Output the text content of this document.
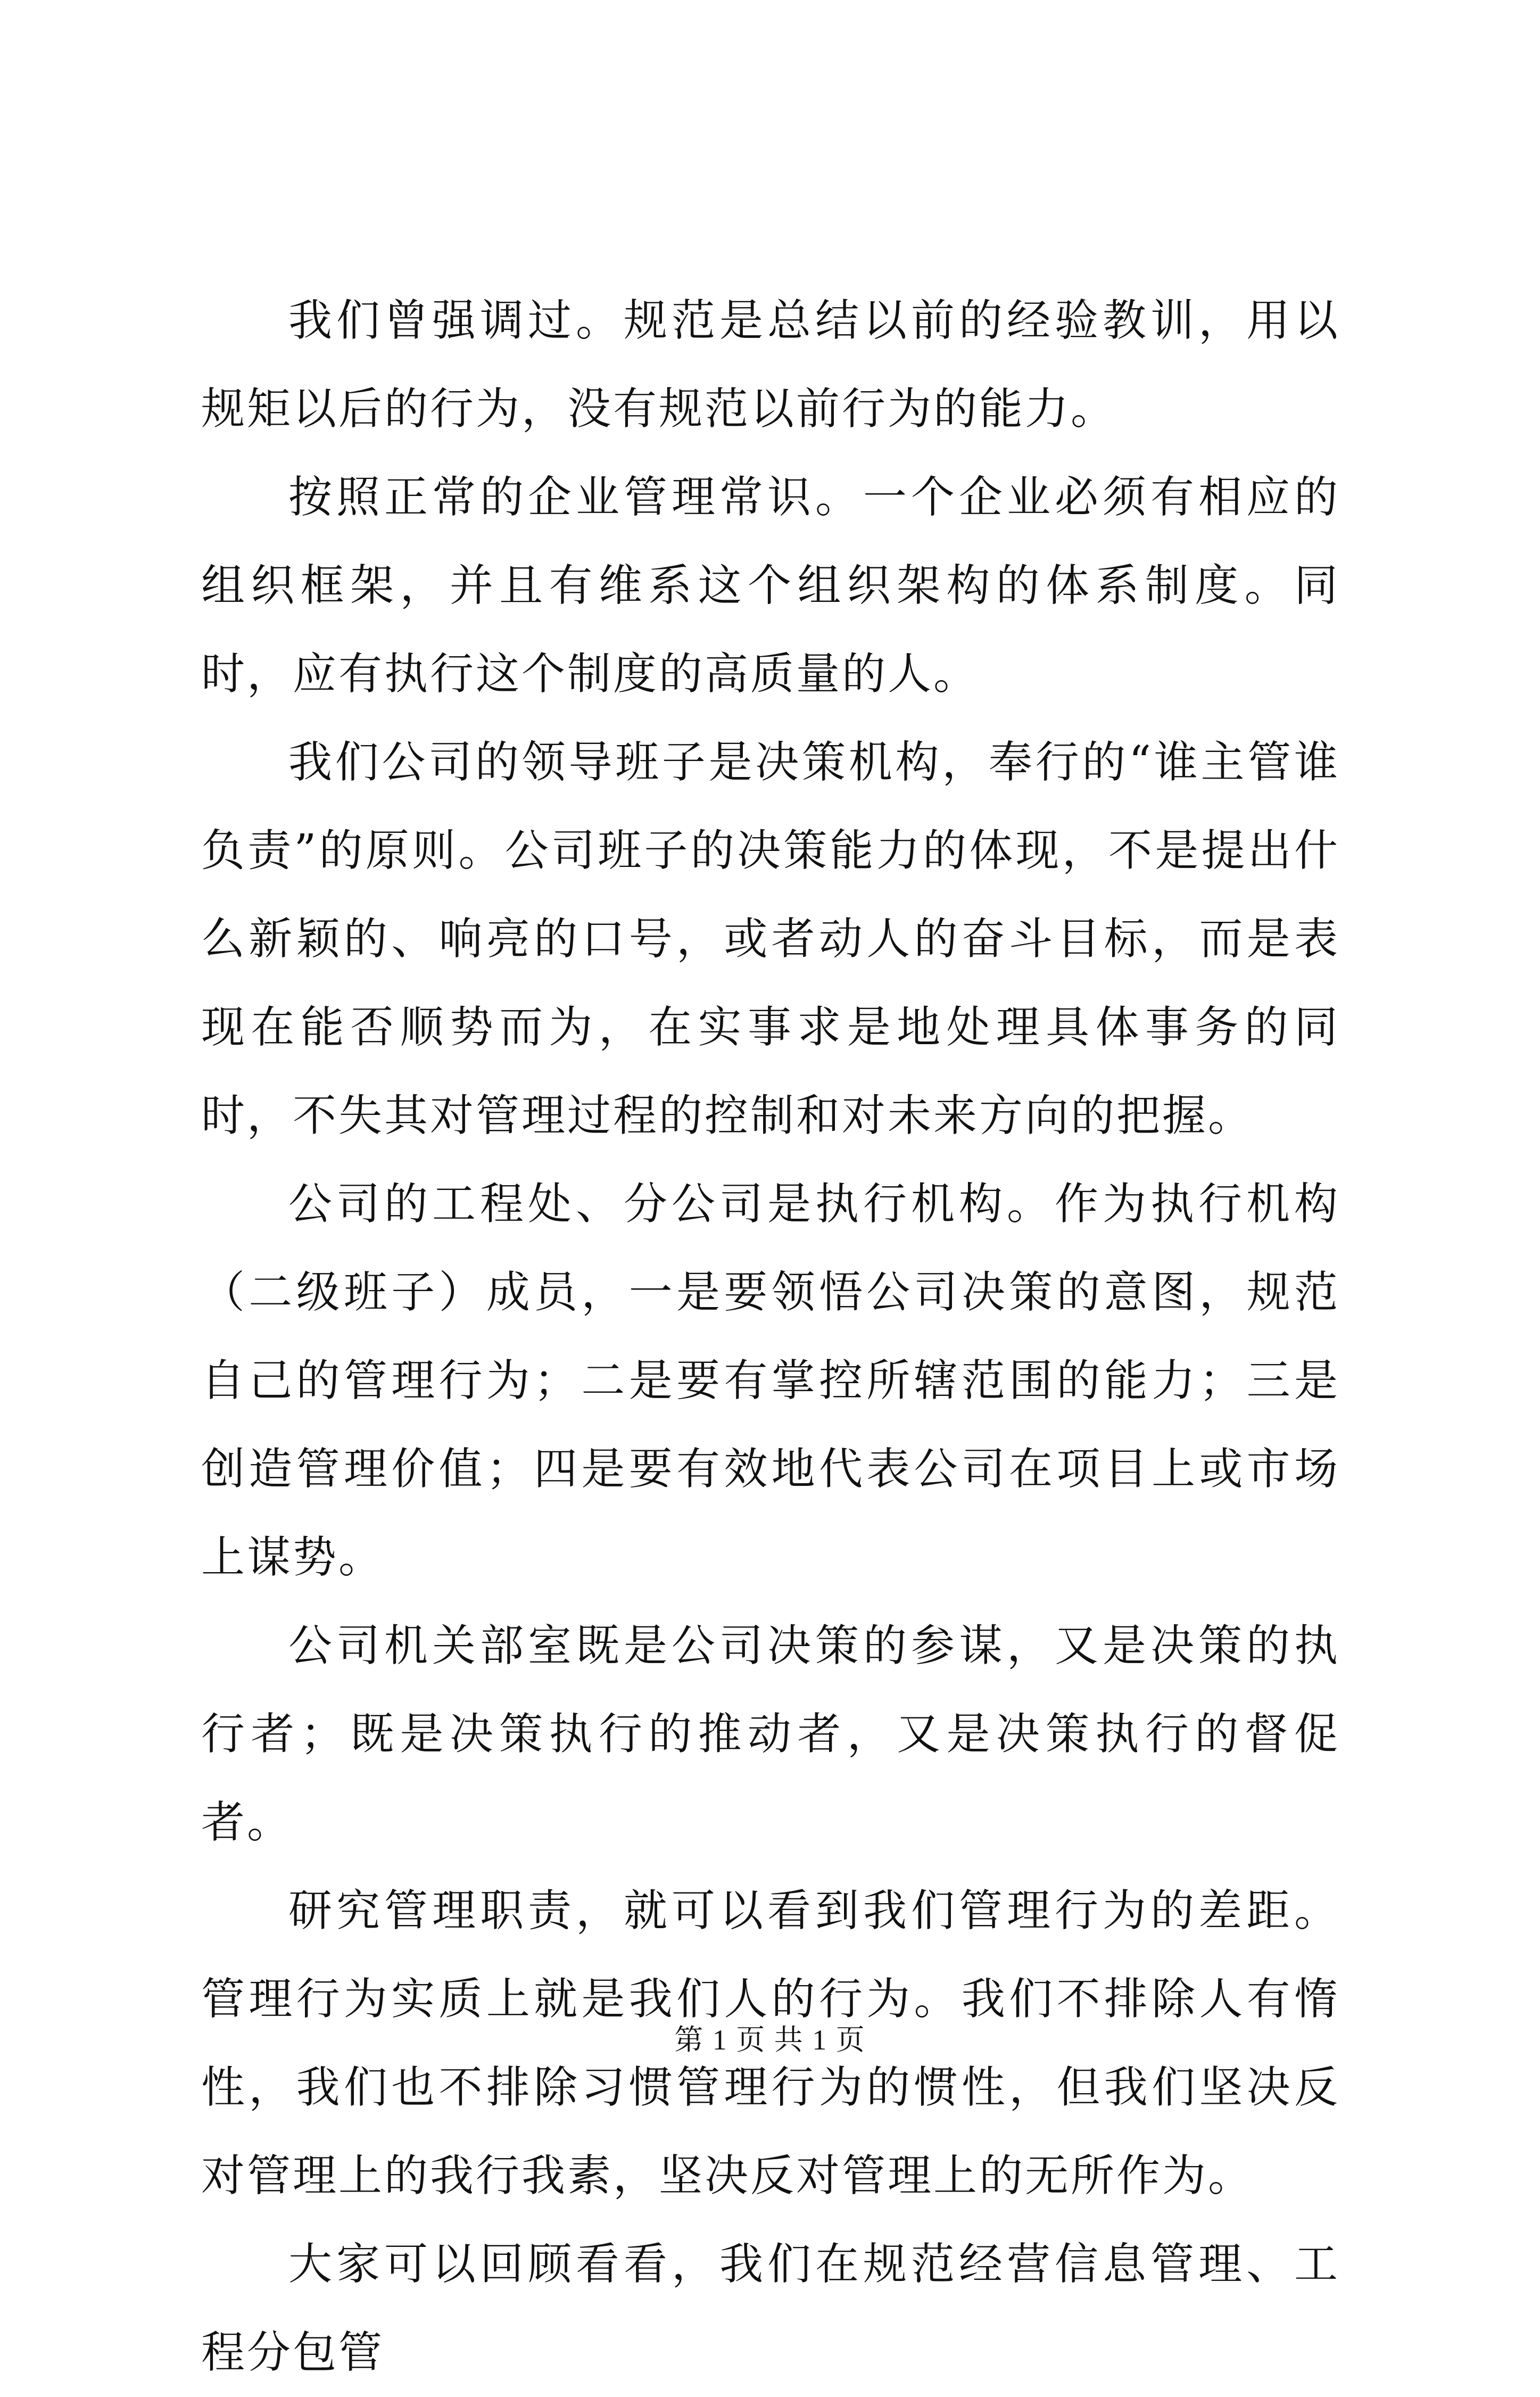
我们曾强调过。规范是总结以前的经验教训，用以规矩以后的行为，没有规范以前行为的能力。

按照正常的企业管理常识。一个企业必须有相应的组织框架，并且有维系这个组织架构的体系制度。同时，应有执行这个制度的高质量的人。

我们公司的领导班子是决策机构，奉行的“谁主管谁负责”的原则。公司班子的决策能力的体现，不是提出什么新颖的、响亮的口号，或者动人的奋斗目标，而是表现在能否顺势而为，在实事求是地处理具体事务的同时，不失其对管理过程的控制和对未来方向的把握。

公司的工程处、分公司是执行机构。作为执行机构（二级班子）成员，一是要领悟公司决策的意图，规范自己的管理行为；二是要有掌控所辖范围的能力；三是创造管理价值；四是要有效地代表公司在项目上或市场上谋势。

公司机关部室既是公司决策的参谋，又是决策的执行者；既是决策执行的推动者，又是决策执行的督促者。

研究管理职责，就可以看到我们管理行为的差距。管理行为实质上就是我们人的行为。我们不排除人有惰性，我们也不排除习惯管理行为的惯性，但我们坚决反对管理上的我行我素，坚决反对管理上的无所作为。

大家可以回顾看看，我们在规范经营信息管理、工程分包管

第 1 页 共 1 页
